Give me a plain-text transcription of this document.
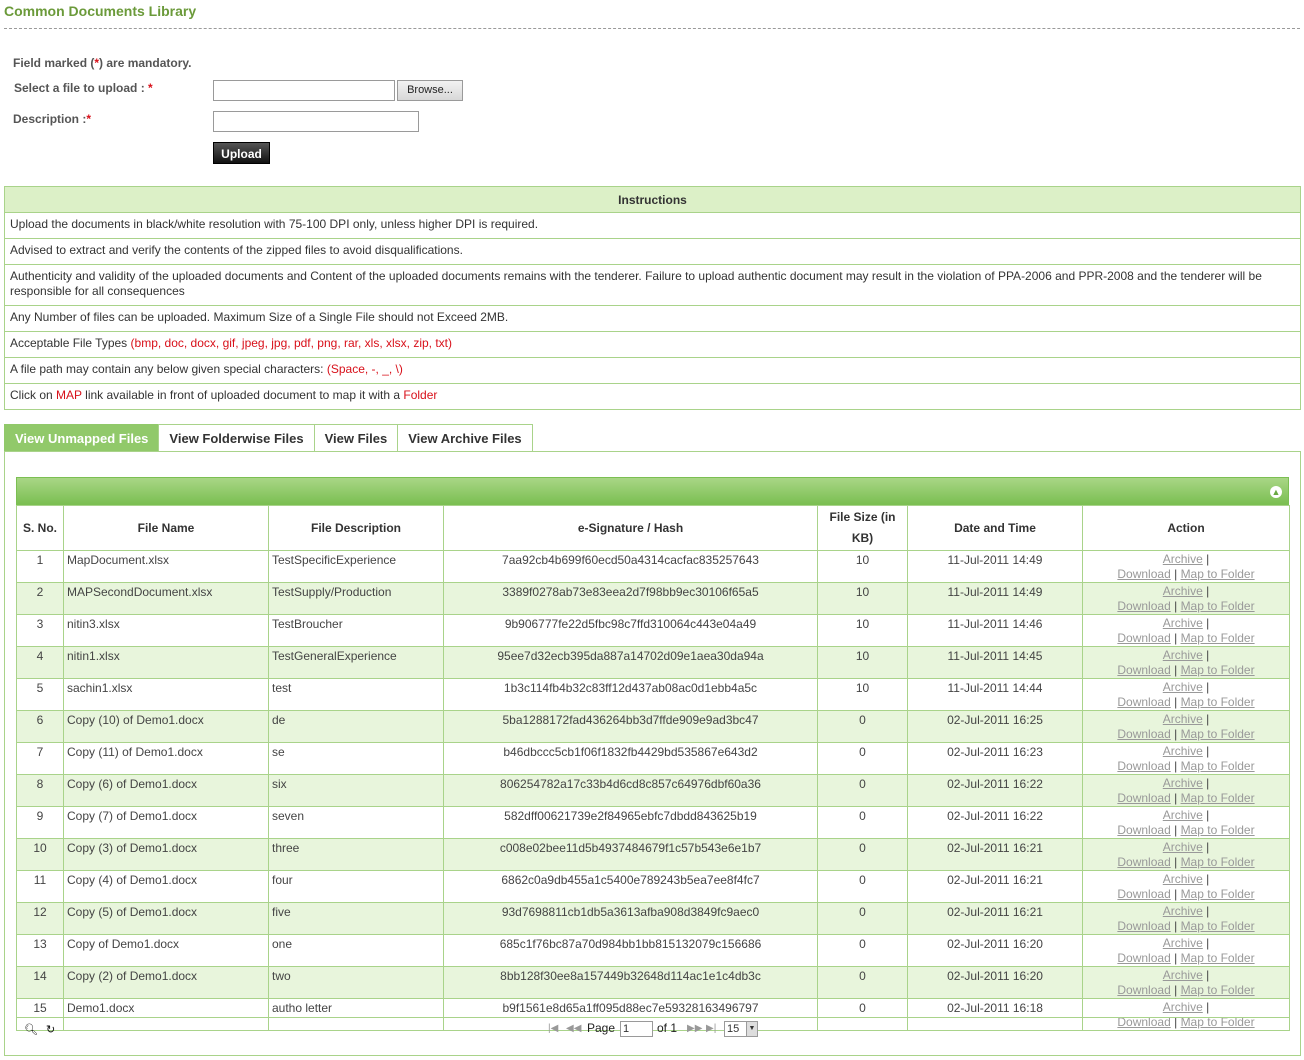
Common Documents Library
Field marked (*) are mandatory.
Select a file to upload : *
Description :*
Browse...
Upload
Instructions
Upload the documents in black/white resolution with 75-100 DPI only, unless higher DPI is required.
Advised to extract and verify the contents of the zipped files to avoid disqualifications.
Authenticity and validity of the uploaded documents and Content of the uploaded documents remains with the tenderer. Failure to upload authentic document may result in the violation of PPA-2006 and PPR-2008 and the tenderer will be responsible for all consequences
Any Number of files can be uploaded. Maximum Size of a Single File should not Exceed 2MB.
Acceptable File Types (bmp, doc, docx, gif, jpeg, jpg, pdf, png, rar, xls, xlsx, zip, txt)
A file path may contain any below given special characters: (Space, -, _, \)
Click on MAP link available in front of uploaded document to map it with a Folder
View Unmapped Files	View Folderwise Files	View Files	View Archive Files
▲
S. No.	File Name	File Description	e-Signature / Hash	File Size (in KB)	Date and Time	Action
1	MapDocument.xlsx	TestSpecificExperience	7aa92cb4b699f60ecd50a4314cacfac835257643	10	11-Jul-2011 14:49	Archive |
Download | Map to Folder
2	MAPSecondDocument.xlsx	TestSupply/Production	3389f0278ab73e83eea2d7f98bb9ec30106f65a5	10	11-Jul-2011 14:49	Archive |
Download | Map to Folder
3	nitin3.xlsx	TestBroucher	9b906777fe22d5fbc98c7ffd310064c443e04a49	10	11-Jul-2011 14:46	Archive |
Download | Map to Folder
4	nitin1.xlsx	TestGeneralExperience	95ee7d32ecb395da887a14702d09e1aea30da94a	10	11-Jul-2011 14:45	Archive |
Download | Map to Folder
5	sachin1.xlsx	test	1b3c114fb4b32c83ff12d437ab08ac0d1ebb4a5c	10	11-Jul-2011 14:44	Archive |
Download | Map to Folder
6	Copy (10) of Demo1.docx	de	5ba1288172fad436264bb3d7ffde909e9ad3bc47	0	02-Jul-2011 16:25	Archive |
Download | Map to Folder
7	Copy (11) of Demo1.docx	se	b46dbccc5cb1f06f1832fb4429bd535867e643d2	0	02-Jul-2011 16:23	Archive |
Download | Map to Folder
8	Copy (6) of Demo1.docx	six	806254782a17c33b4d6cd8c857c64976dbf60a36	0	02-Jul-2011 16:22	Archive |
Download | Map to Folder
9	Copy (7) of Demo1.docx	seven	582dff00621739e2f84965ebfc7dbdd843625b19	0	02-Jul-2011 16:22	Archive |
Download | Map to Folder
10	Copy (3) of Demo1.docx	three	c008e02bee11d5b4937484679f1c57b543e6e1b7	0	02-Jul-2011 16:21	Archive |
Download | Map to Folder
11	Copy (4) of Demo1.docx	four	6862c0a9db455a1c5400e789243b5ea7ee8f4fc7	0	02-Jul-2011 16:21	Archive |
Download | Map to Folder
12	Copy (5) of Demo1.docx	five	93d7698811cb1db5a3613afba908d3849fc9aec0	0	02-Jul-2011 16:21	Archive |
Download | Map to Folder
13	Copy of Demo1.docx	one	685c1f76bc87a70d984bb1bb815132079c156686	0	02-Jul-2011 16:20	Archive |
Download | Map to Folder
14	Copy (2) of Demo1.docx	two	8bb128f30ee8a157449b32648d114ac1e1c4db3c	0	02-Jul-2011 16:20	Archive |
Download | Map to Folder
15	Demo1.docx	autho letter	b9f1561e8d65a1ff095d88ec7e59328163496797	0	02-Jul-2011 16:18	Archive |
Download | Map to Folder
🔍︎ ↻	|◀ ◀◀ Page 1	of 1 ▶▶ ▶| 15	▼
